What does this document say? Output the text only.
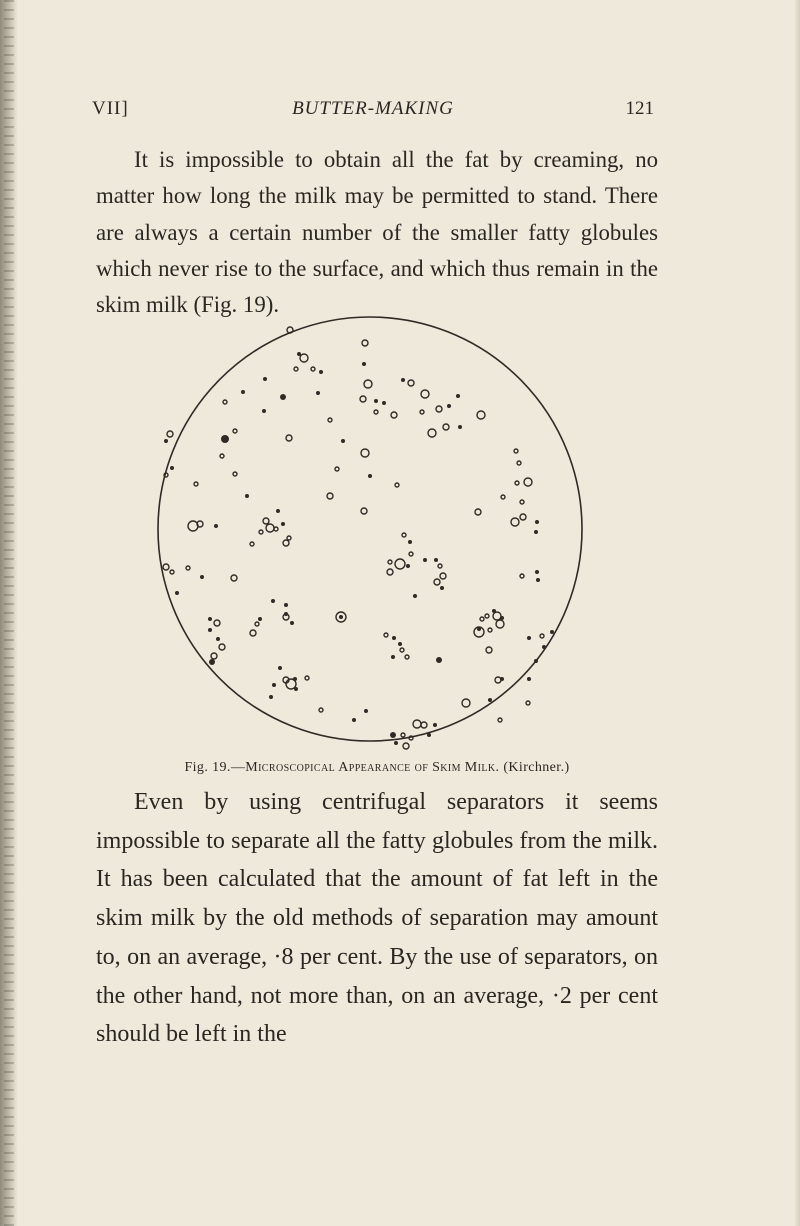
VII]	BUTTER-MAKING	121

It is impossible to obtain all the fat by creaming, no matter how long the milk may be permitted to stand. There are always a certain number of the smaller fatty globules which never rise to the surface, and which thus remain in the skim milk (Fig. 19).

Fig. 19.—Microscopical Appearance of Skim Milk. (Kirchner.)

Even by using centrifugal separators it seems impossible to separate all the fatty globules from the milk. It has been calculated that the amount of fat left in the skim milk by the old methods of separation may amount to, on an average, ·8 per cent. By the use of separators, on the other hand, not more than, on an average, ·2 per cent should be left in the
